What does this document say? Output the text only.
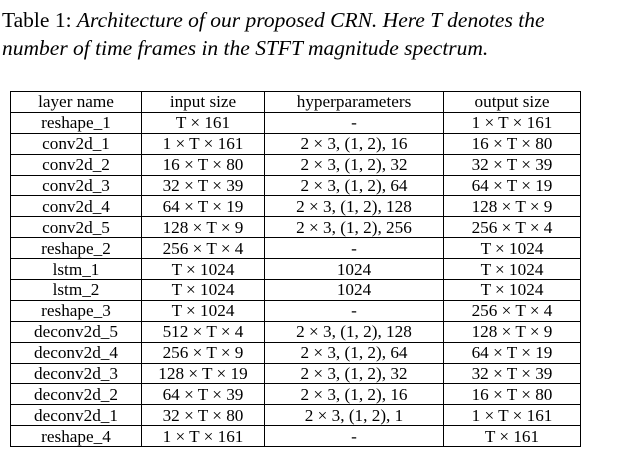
Table 1: Architecture of our proposed CRN. Here T denotes the number of time frames in the STFT magnitude spectrum.
layer name	input size	hyperparameters	output size
reshape_1	T × 161	-	1 × T × 161
conv2d_1	1 × T × 161	2 × 3, (1, 2), 16	16 × T × 80
conv2d_2	16 × T × 80	2 × 3, (1, 2), 32	32 × T × 39
conv2d_3	32 × T × 39	2 × 3, (1, 2), 64	64 × T × 19
conv2d_4	64 × T × 19	2 × 3, (1, 2), 128	128 × T × 9
conv2d_5	128 × T × 9	2 × 3, (1, 2), 256	256 × T × 4
reshape_2	256 × T × 4	-	T × 1024
lstm_1	T × 1024	1024	T × 1024
lstm_2	T × 1024	1024	T × 1024
reshape_3	T × 1024	-	256 × T × 4
deconv2d_5	512 × T × 4	2 × 3, (1, 2), 128	128 × T × 9
deconv2d_4	256 × T × 9	2 × 3, (1, 2), 64	64 × T × 19
deconv2d_3	128 × T × 19	2 × 3, (1, 2), 32	32 × T × 39
deconv2d_2	64 × T × 39	2 × 3, (1, 2), 16	16 × T × 80
deconv2d_1	32 × T × 80	2 × 3, (1, 2), 1	1 × T × 161
reshape_4	1 × T × 161	-	T × 161
